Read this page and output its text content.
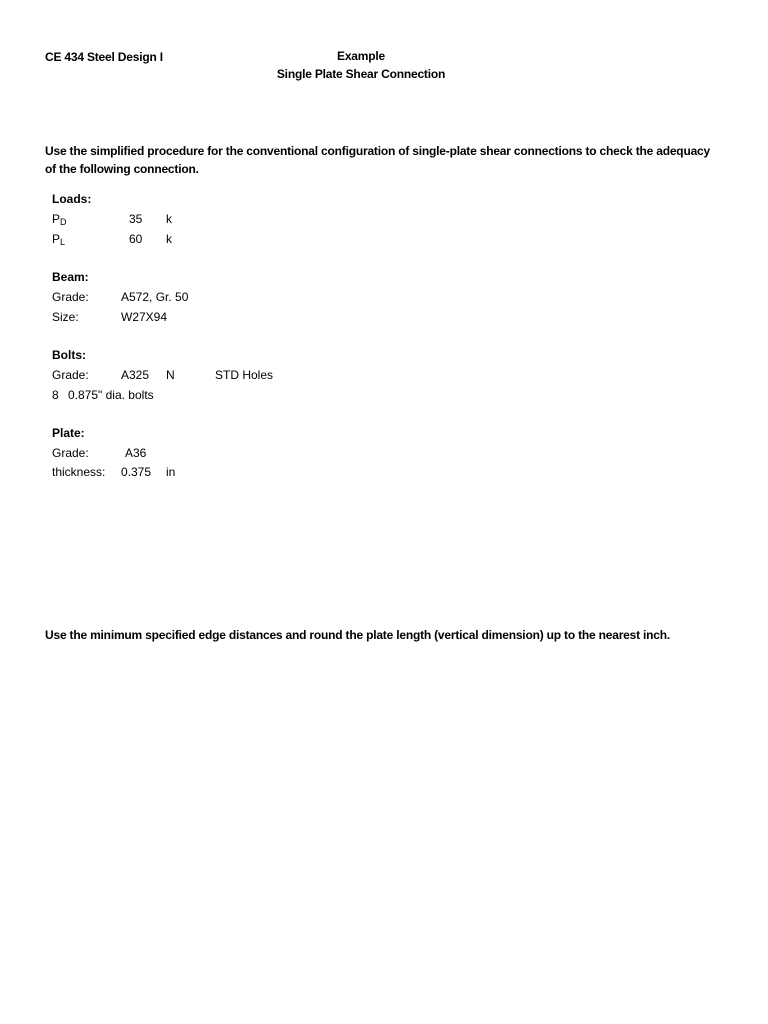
CE 434 Steel Design I	Example
Single Plate Shear Connection
Use the simplified procedure for the conventional configuration of single-plate shear connections to check the adequacy
of the following connection.
Loads:
$P_D$	35 k
$P_L$	60 k
Beam:
Grade:	A572, Gr. 50
Size:	W27X94
Bolts:
Grade:	A325 N	STD Holes
8 0.875" dia. bolts
Plate:
Grade:	A36
thickness: 0.375 in
Use the minimum specified edge distances and round the plate length (vertical dimension) up to the nearest inch.
